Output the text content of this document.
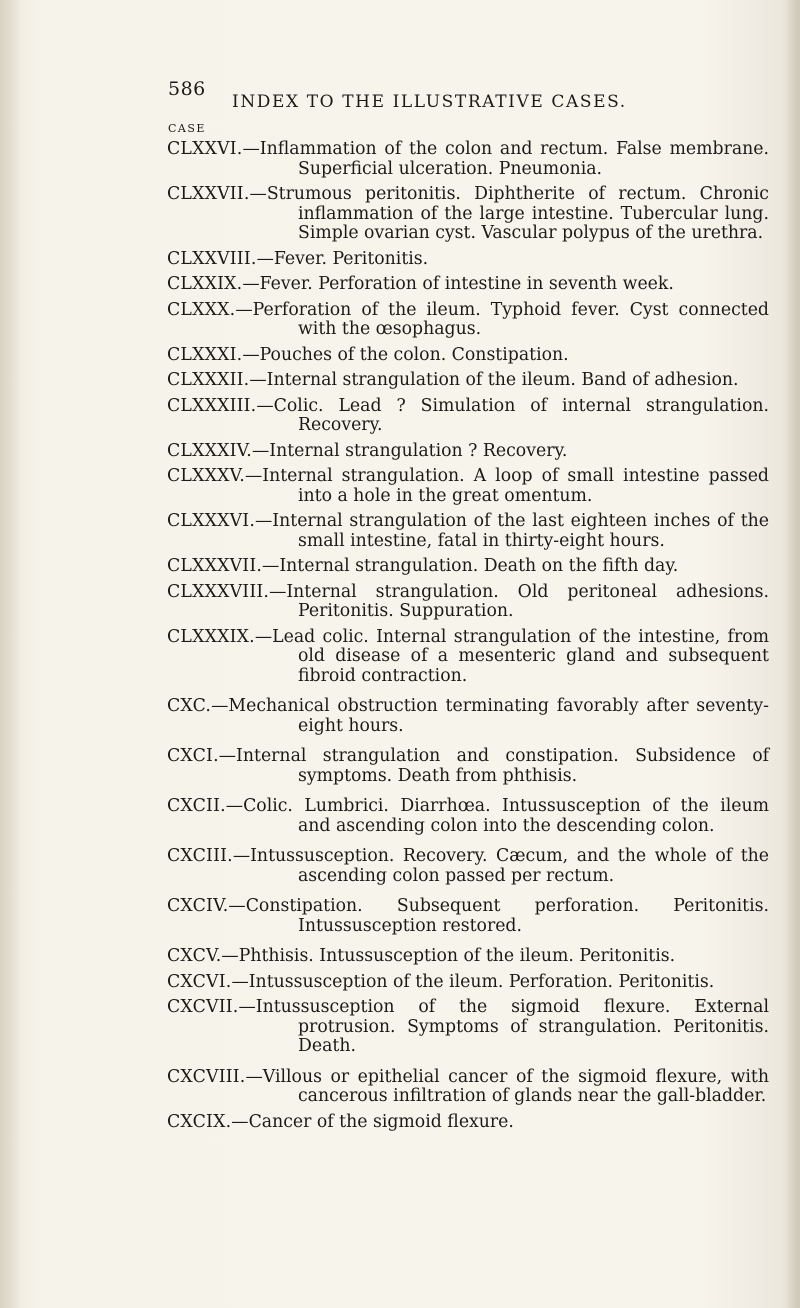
586
INDEX TO THE ILLUSTRATIVE CASES.
CASE
CLXXVI.—Inflammation of the colon and rectum. False membrane. Superficial ulceration. Pneumonia.
CLXXVII.—Strumous peritonitis. Diphtherite of rectum. Chronic inflammation of the large intestine. Tubercular lung. Simple ovarian cyst. Vascular polypus of the urethra.
CLXXVIII.—Fever. Peritonitis.
CLXXIX.—Fever. Perforation of intestine in seventh week.
CLXXX.—Perforation of the ileum. Typhoid fever. Cyst connected with the œsophagus.
CLXXXI.—Pouches of the colon. Constipation.
CLXXXII.—Internal strangulation of the ileum. Band of adhesion.
CLXXXIII.—Colic. Lead ? Simulation of internal strangulation. Recovery.
CLXXXIV.—Internal strangulation ? Recovery.
CLXXXV.—Internal strangulation. A loop of small intestine passed into a hole in the great omentum.
CLXXXVI.—Internal strangulation of the last eighteen inches of the small intestine, fatal in thirty-eight hours.
CLXXXVII.—Internal strangulation. Death on the fifth day.
CLXXXVIII.—Internal strangulation. Old peritoneal adhesions. Peritonitis. Suppuration.
CLXXXIX.—Lead colic. Internal strangulation of the intestine, from old disease of a mesenteric gland and subsequent fibroid contraction.
CXC.—Mechanical obstruction terminating favorably after seventy-eight hours.
CXCI.—Internal strangulation and constipation. Subsidence of symptoms. Death from phthisis.
CXCII.—Colic. Lumbrici. Diarrhœa. Intussusception of the ileum and ascending colon into the descending colon.
CXCIII.—Intussusception. Recovery. Cæcum, and the whole of the ascending colon passed per rectum.
CXCIV.—Constipation. Subsequent perforation. Peritonitis. Intussusception restored.
CXCV.—Phthisis. Intussusception of the ileum. Peritonitis.
CXCVI.—Intussusception of the ileum. Perforation. Peritonitis.
CXCVII.—Intussusception of the sigmoid flexure. External protrusion. Symptoms of strangulation. Peritonitis. Death.
CXCVIII.—Villous or epithelial cancer of the sigmoid flexure, with cancerous infiltration of glands near the gall-bladder.
CXCIX.—Cancer of the sigmoid flexure.
